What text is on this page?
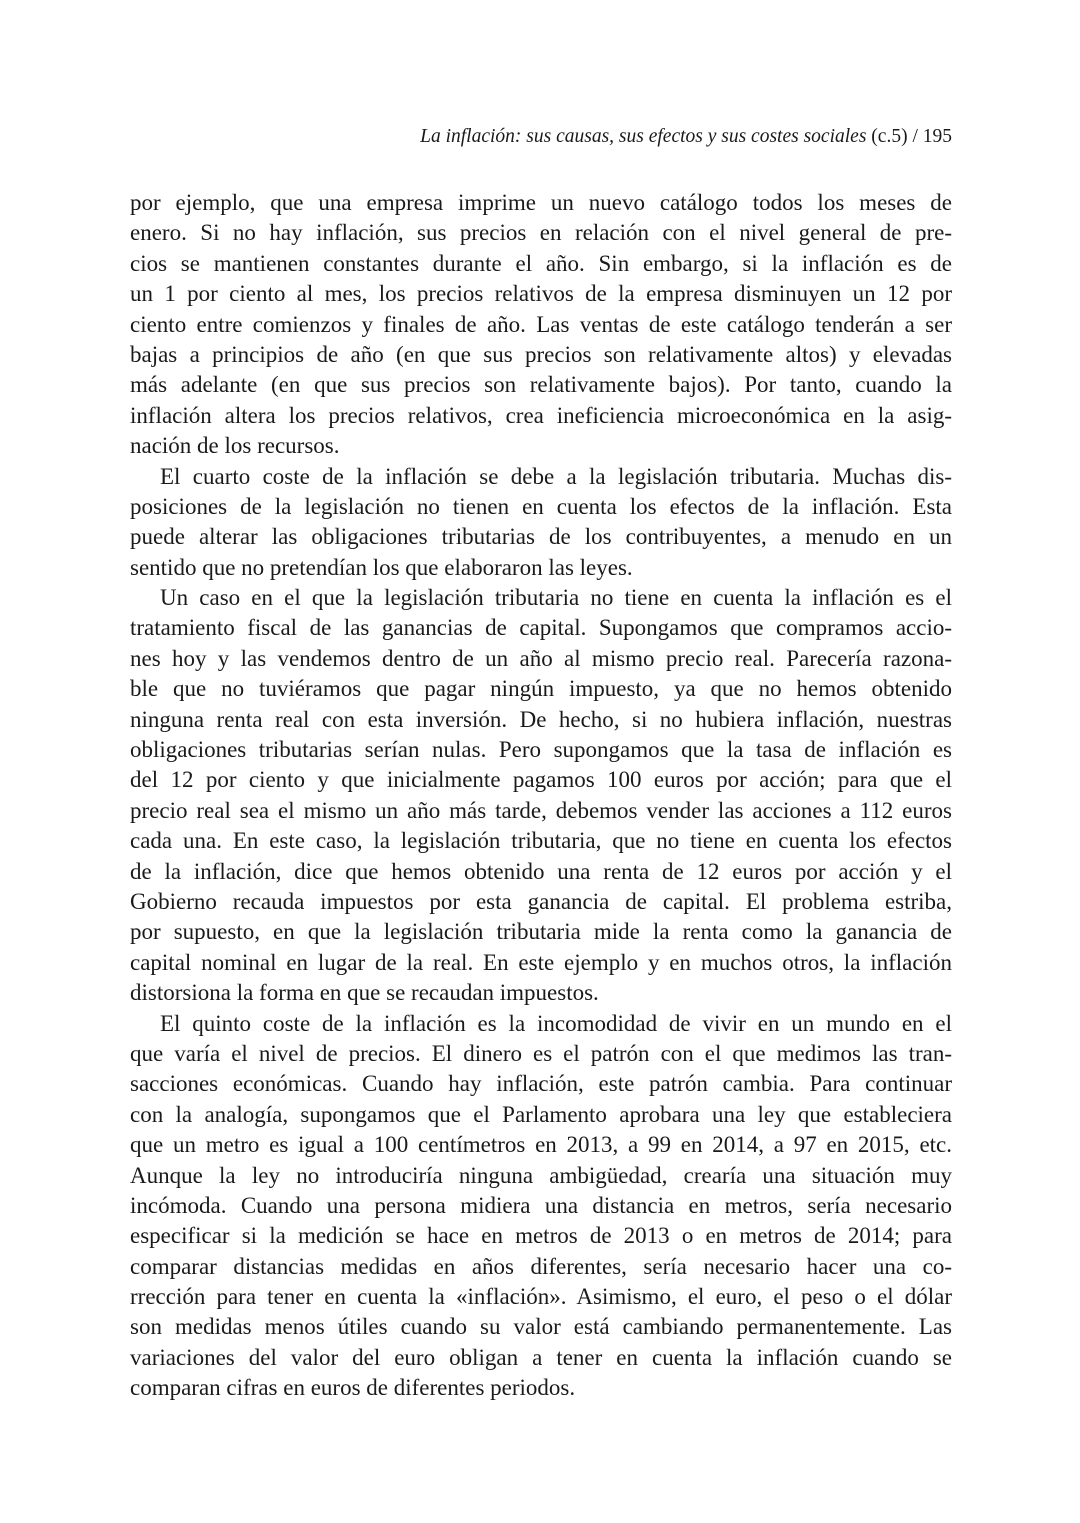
La inflación: sus causas, sus efectos y sus costes sociales (c.5) / 195
por ejemplo, que una empresa imprime un nuevo catálogo todos los meses de
enero. Si no hay inflación, sus precios en relación con el nivel general de pre-
cios se mantienen constantes durante el año. Sin embargo, si la inflación es de
un 1 por ciento al mes, los precios relativos de la empresa disminuyen un 12 por
ciento entre comienzos y finales de año. Las ventas de este catálogo tenderán a ser
bajas a principios de año (en que sus precios son relativamente altos) y elevadas
más adelante (en que sus precios son relativamente bajos). Por tanto, cuando la
inflación altera los precios relativos, crea ineficiencia microeconómica en la asig-
nación de los recursos.
El cuarto coste de la inflación se debe a la legislación tributaria. Muchas dis-
posiciones de la legislación no tienen en cuenta los efectos de la inflación. Esta
puede alterar las obligaciones tributarias de los contribuyentes, a menudo en un
sentido que no pretendían los que elaboraron las leyes.
Un caso en el que la legislación tributaria no tiene en cuenta la inflación es el
tratamiento fiscal de las ganancias de capital. Supongamos que compramos accio-
nes hoy y las vendemos dentro de un año al mismo precio real. Parecería razona-
ble que no tuviéramos que pagar ningún impuesto, ya que no hemos obtenido
ninguna renta real con esta inversión. De hecho, si no hubiera inflación, nuestras
obligaciones tributarias serían nulas. Pero supongamos que la tasa de inflación es
del 12 por ciento y que inicialmente pagamos 100 euros por acción; para que el
precio real sea el mismo un año más tarde, debemos vender las acciones a 112 euros
cada una. En este caso, la legislación tributaria, que no tiene en cuenta los efectos
de la inflación, dice que hemos obtenido una renta de 12 euros por acción y el
Gobierno recauda impuestos por esta ganancia de capital. El problema estriba,
por supuesto, en que la legislación tributaria mide la renta como la ganancia de
capital nominal en lugar de la real. En este ejemplo y en muchos otros, la inflación
distorsiona la forma en que se recaudan impuestos.
El quinto coste de la inflación es la incomodidad de vivir en un mundo en el
que varía el nivel de precios. El dinero es el patrón con el que medimos las tran-
sacciones económicas. Cuando hay inflación, este patrón cambia. Para continuar
con la analogía, supongamos que el Parlamento aprobara una ley que estableciera
que un metro es igual a 100 centímetros en 2013, a 99 en 2014, a 97 en 2015, etc.
Aunque la ley no introduciría ninguna ambigüedad, crearía una situación muy
incómoda. Cuando una persona midiera una distancia en metros, sería necesario
especificar si la medición se hace en metros de 2013 o en metros de 2014; para
comparar distancias medidas en años diferentes, sería necesario hacer una co-
rrección para tener en cuenta la «inflación». Asimismo, el euro, el peso o el dólar
son medidas menos útiles cuando su valor está cambiando permanentemente. Las
variaciones del valor del euro obligan a tener en cuenta la inflación cuando se
comparan cifras en euros de diferentes periodos.
